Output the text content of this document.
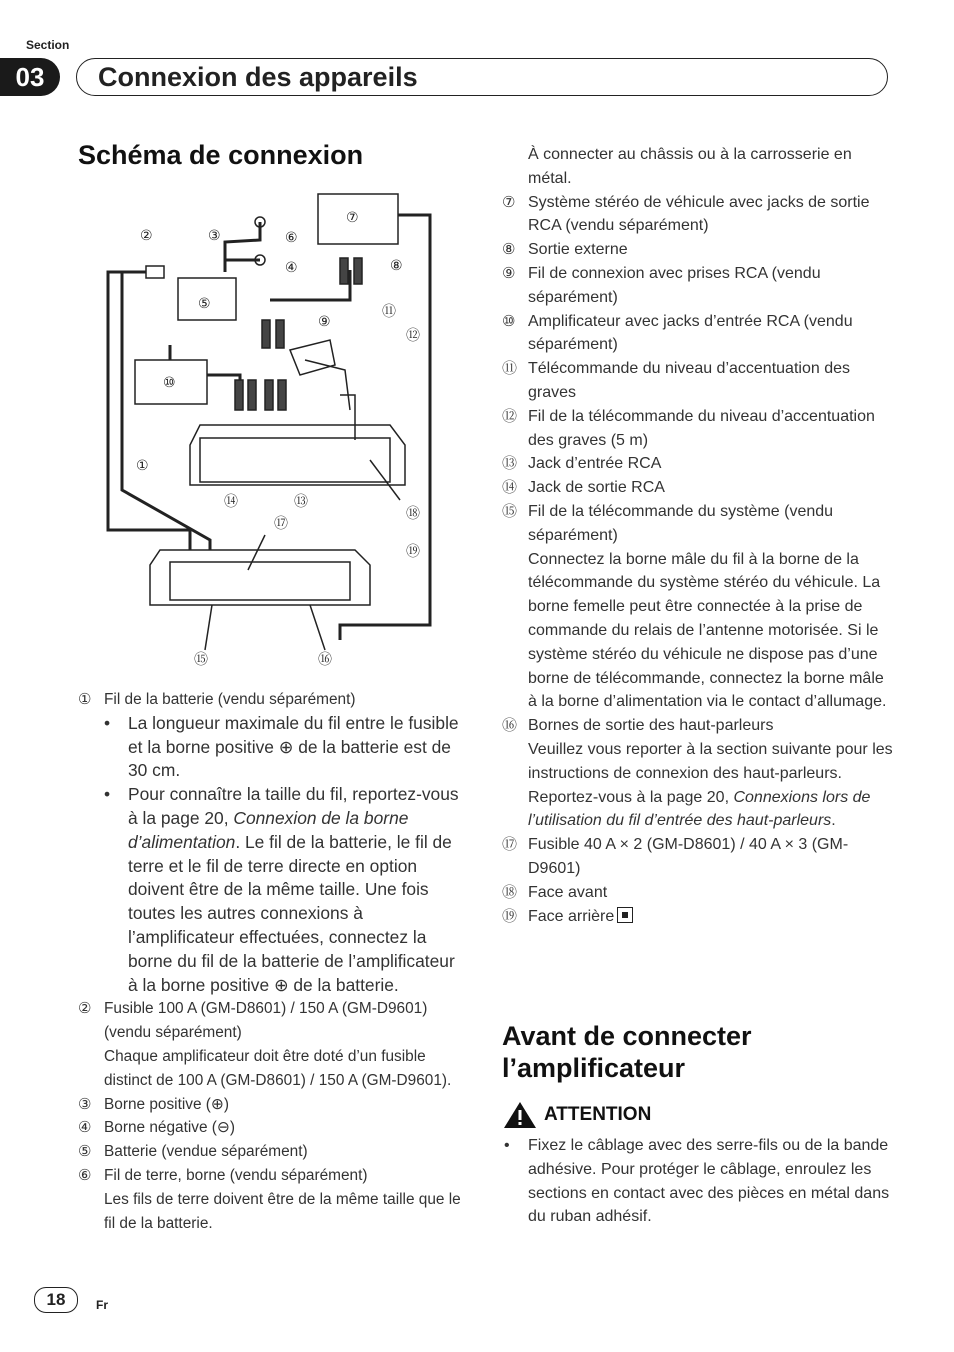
Section
03	Connexion des appareils
Schéma de connexion
②	③	⑥
④
⑤
⑦
⑧
⑨
⑪
⑫
⑩
①
⑭	⑬
⑱
⑰
⑲
⑮	⑯
① Fil de la batterie (vendu séparément)
• La longueur maximale du fil entre le fusible et la borne positive ⊕ de la batterie est de 30 cm.
• Pour connaître la taille du fil, reportez-vous à la page 20, Connexion de la borne d’alimentation. Le fil de la batterie, le fil de terre et le fil de terre directe en option doivent être de la même taille. Une fois toutes les autres connexions à l’amplificateur effectuées, connectez la borne du fil de la batterie de l’amplificateur à la borne positive ⊕ de la batterie.
② Fusible 100 A (GM-D8601) / 150 A (GM-D9601) (vendu séparément)
Chaque amplificateur doit être doté d’un fusible distinct de 100 A (GM-D8601) / 150 A (GM-D9601).
③ Borne positive (⊕)
④ Borne négative (⊖)
⑤ Batterie (vendue séparément)
⑥ Fil de terre, borne (vendu séparément)
Les fils de terre doivent être de la même taille que le fil de la batterie.
À connecter au châssis ou à la carrosserie en métal.
⑦ Système stéréo de véhicule avec jacks de sortie RCA (vendu séparément)
⑧ Sortie externe
⑨ Fil de connexion avec prises RCA (vendu séparément)
⑩ Amplificateur avec jacks d’entrée RCA (vendu séparément)
⑪ Télécommande du niveau d’accentuation des graves
⑫ Fil de la télécommande du niveau d’accentuation des graves (5 m)
⑬ Jack d’entrée RCA
⑭ Jack de sortie RCA
⑮ Fil de la télécommande du système (vendu séparément)
Connectez la borne mâle du fil à la borne de la télécommande du système stéréo du véhicule. La borne femelle peut être connectée à la prise de commande du relais de l’antenne motorisée. Si le système stéréo du véhicule ne dispose pas d’une borne de télécommande, connectez la borne mâle à la borne d’alimentation via le contact d’allumage.
⑯ Bornes de sortie des haut-parleurs
Veuillez vous reporter à la section suivante pour les instructions de connexion des haut-parleurs. Reportez-vous à la page 20, Connexions lors de l’utilisation du fil d’entrée des haut-parleurs.
⑰ Fusible 40 A × 2 (GM-D8601) / 40 A × 3 (GM-D9601)
⑱ Face avant
⑲ Face arrière
Avant de connecter l’amplificateur
ATTENTION
• Fixez le câblage avec des serre-fils ou de la bande adhésive. Pour protéger le câblage, enroulez les sections en contact avec des pièces en métal dans du ruban adhésif.
18	Fr
